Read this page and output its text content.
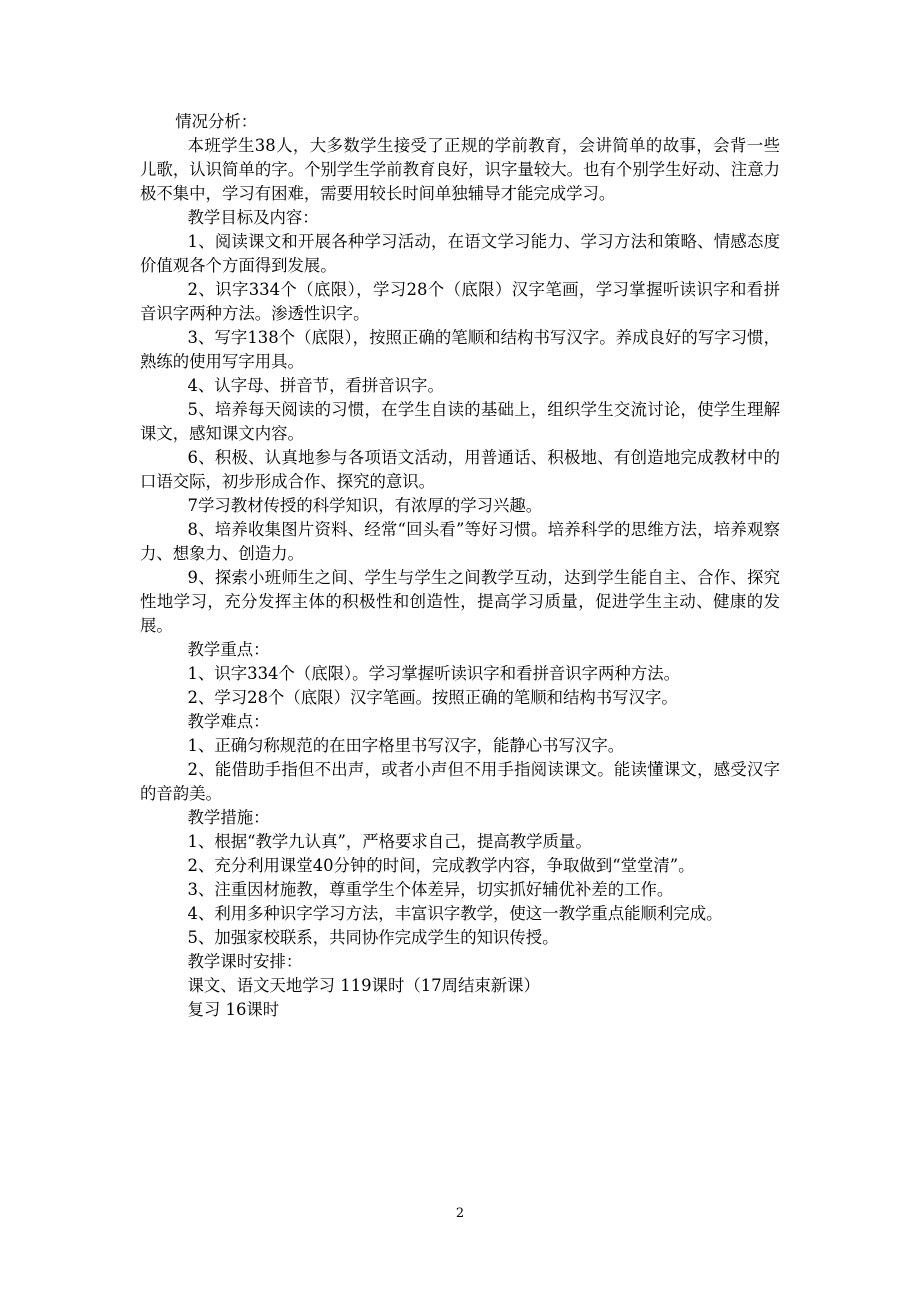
情况分析：

本班学生38人，大多数学生接受了正规的学前教育，会讲简单的故事，会背一些儿歌，认识简单的字。个别学生学前教育良好，识字量较大。也有个别学生好动、注意力极不集中，学习有困难，需要用较长时间单独辅导才能完成学习。

教学目标及内容：

1、阅读课文和开展各种学习活动，在语文学习能力、学习方法和策略、情感态度价值观各个方面得到发展。

2、识字334个（底限），学习28个（底限）汉字笔画，学习掌握听读识字和看拼音识字两种方法。渗透性识字。

3、写字138个（底限），按照正确的笔顺和结构书写汉字。养成良好的写字习惯，熟练的使用写字用具。

4、认字母、拼音节，看拼音识字。

5、培养每天阅读的习惯，在学生自读的基础上，组织学生交流讨论，使学生理解课文，感知课文内容。

6、积极、认真地参与各项语文活动，用普通话、积极地、有创造地完成教材中的口语交际，初步形成合作、探究的意识。

7学习教材传授的科学知识，有浓厚的学习兴趣。

8、培养收集图片资料、经常“回头看”等好习惯。培养科学的思维方法，培养观察力、想象力、创造力。

9、探索小班师生之间、学生与学生之间教学互动，达到学生能自主、合作、探究性地学习，充分发挥主体的积极性和创造性，提高学习质量，促进学生主动、健康的发展。

教学重点：

1、识字334个（底限）。学习掌握听读识字和看拼音识字两种方法。

2、学习28个（底限）汉字笔画。按照正确的笔顺和结构书写汉字。

教学难点：

1、正确匀称规范的在田字格里书写汉字，能静心书写汉字。

2、能借助手指但不出声，或者小声但不用手指阅读课文。能读懂课文，感受汉字的音韵美。

教学措施：

1、根据“教学九认真”，严格要求自己，提高教学质量。

2、充分利用课堂40分钟的时间，完成教学内容，争取做到“堂堂清”。

3、注重因材施教，尊重学生个体差异，切实抓好辅优补差的工作。

4、利用多种识字学习方法，丰富识字教学，使这一教学重点能顺利完成。

5、加强家校联系，共同协作完成学生的知识传授。

教学课时安排：

课文、语文天地学习 119课时（17周结束新课）

复习 16课时

2
